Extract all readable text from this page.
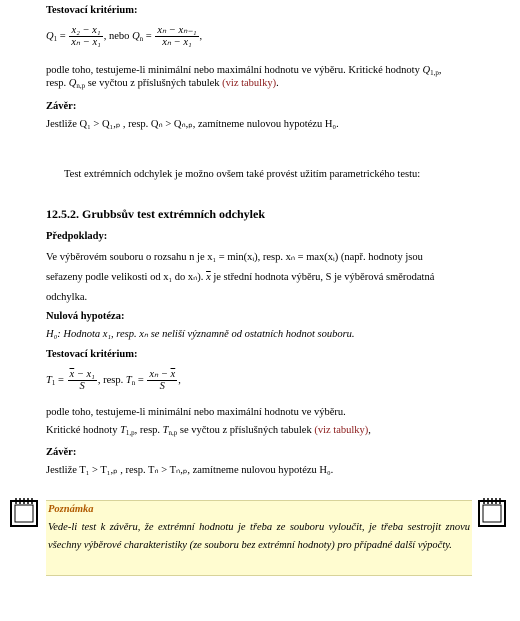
Testovací kritérium:
$Q_1 = \frac{\text{x₂ − x₁}}{\text{xₙ − x₁}}$ , nebo $Q_n = \frac{\text{xₙ − xₙ₋₁}}{\text{xₙ − x₁}}$ ,
podle toho, testujeme-li minimální nebo maximální hodnotu ve výběru. Kritické hodnoty $Q_{1,p}$,
resp. $Q_{n,p}$ se vyčtou z příslušných tabulek (viz tabulky).
Závěr:
Jestliže Q₁ > Q₁,ₚ , resp. Qₙ > Qₙ,ₚ, zamítneme nulovou hypotézu H₀.
Test extrémních odchylek je možno ovšem také provést užitím parametrického testu:
12.5.2. Grubbsův test extrémních odchylek
Předpoklady:
Ve výběrovém souboru o rozsahu n je x₁ = min(xᵢ), resp. xₙ = max(xᵢ) (např. hodnoty jsou
seřazeny podle velikosti od x₁ do xₙ). $\overline{x}$ je střední hodnota výběru, S je výběrová směrodatná
odchylka.
Nulová hypotéza:
H₀: Hodnota x₁, resp. xₙ se neliší významně od ostatních hodnot souboru.
Testovací kritérium:
$T_1 = \frac{\overline{x} - x_1}{S}$ , resp. $T_n = \frac{x_n - \overline{x}}{S}$ ,
podle toho, testujeme-li minimální nebo maximální hodnotu ve výběru.
Kritické hodnoty $T_{1,p}$, resp. $T_{n,p}$ se vyčtou z příslušných tabulek (viz tabulky),
Závěr:
Jestliže T₁ > T₁,ₚ , resp. Tₙ > Tₙ,ₚ, zamítneme nulovou hypotézu H₀.
Poznámka
Vede-li test k závěru, že extrémní hodnotu je třeba ze souboru vyloučit, je třeba sestrojit znovu všechny výběrové charakteristiky (ze souboru bez extrémní hodnoty) pro případné další výpočty.
